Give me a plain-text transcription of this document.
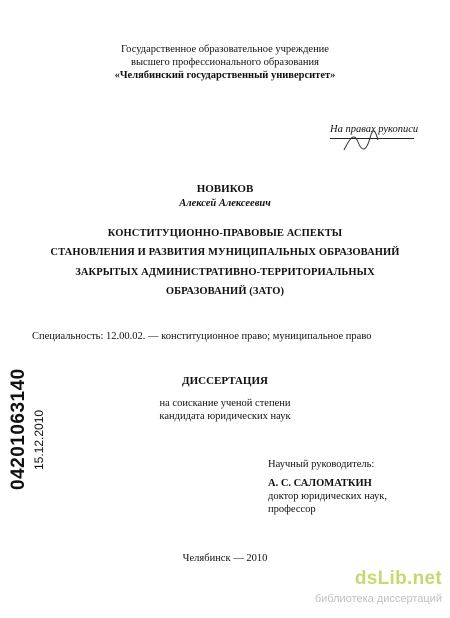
Государственное образовательное учреждение
высшего профессионального образования
«Челябинский государственный университет»
На правах рукописи
НОВИКОВ
Алексей Алексеевич
КОНСТИТУЦИОННО-ПРАВОВЫЕ АСПЕКТЫ
СТАНОВЛЕНИЯ И РАЗВИТИЯ МУНИЦИПАЛЬНЫХ ОБРАЗОВАНИЙ
ЗАКРЫТЫХ АДМИНИСТРАТИВНО-ТЕРРИТОРИАЛЬНЫХ
ОБРАЗОВАНИЙ (ЗАТО)
Специальность: 12.00.02. — конституционное право; муниципальное право
ДИССЕРТАЦИЯ
на соискание ученой степени
кандидата юридических наук
Научный руководитель:
А. С. САЛОМАТКИН
доктор юридических наук,
профессор
Челябинск — 2010
04201063140 15.12.2010
dsLib.net
библиотека диссертаций
